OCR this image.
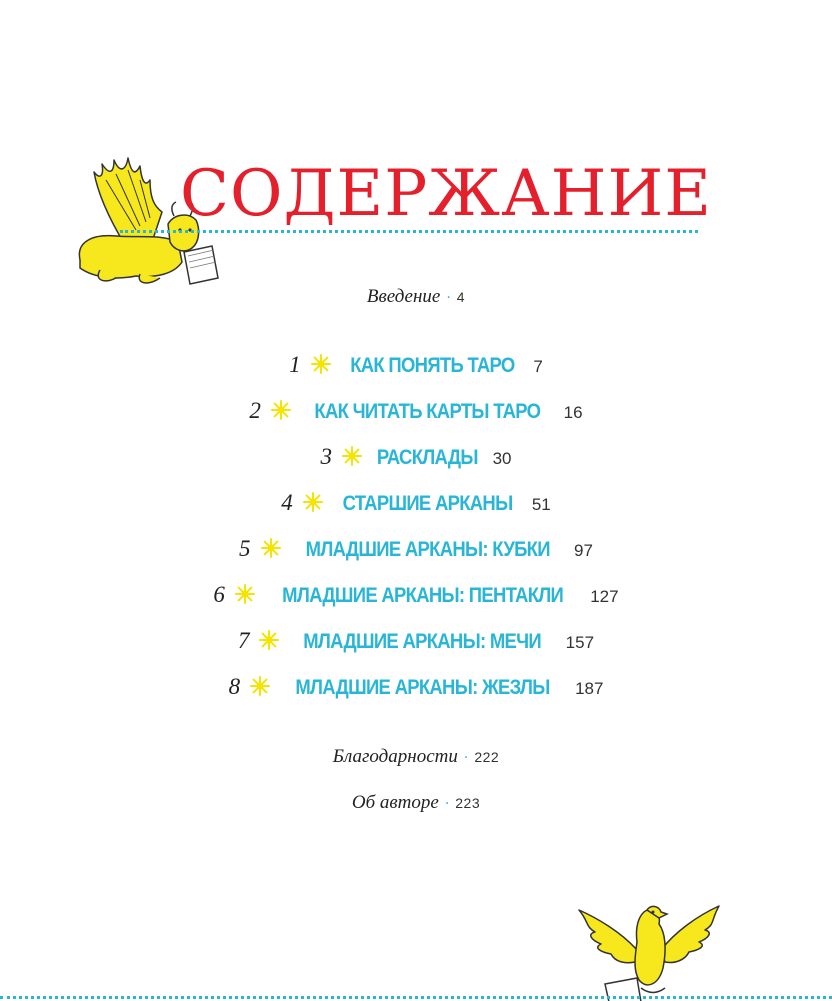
СОДЕРЖАНИЕ
Введение · 4
1 КАК ПОНЯТЬ ТАРО 7
2	КАК ЧИТАТЬ КАРТЫ ТАРО 16
3 РАСКЛАДЫ 30
4 СТАРШИЕ АРКАНЫ 51
5	МЛАДШИЕ АРКАНЫ: КУБКИ 97
6	МЛАДШИЕ АРКАНЫ: ПЕНТАКЛИ 127
7	МЛАДШИЕ АРКАНЫ: МЕЧИ 157
8	МЛАДШИЕ АРКАНЫ: ЖЕЗЛЫ 187
Благодарности · 222
Об авторе · 223
